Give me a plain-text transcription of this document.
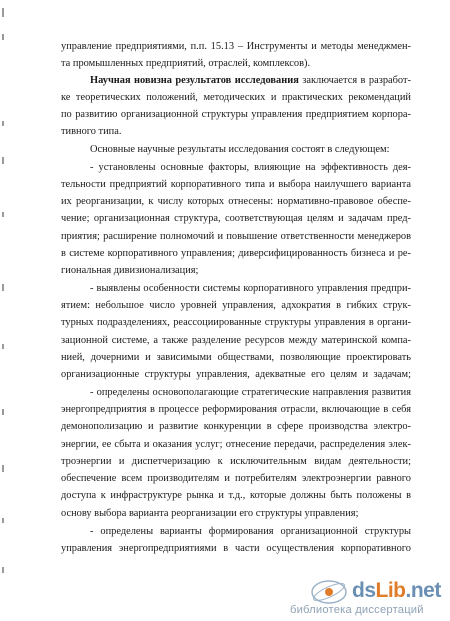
управление предприятиями, п.п. 15.13 – Инструменты и методы менеджмен-
та промышленных предприятий, отраслей, комплексов).
Научная новизна результатов исследования заключается в разработ-
ке теоретических положений, методических и практических рекомендаций
по развитию организационной структуры управления предприятием корпора-
тивного типа.
Основные научные результаты исследования состоят в следующем:
- установлены основные факторы, влияющие на эффективность дея-
тельности предприятий корпоративного типа и выбора наилучшего варианта
их реорганизации, к числу которых отнесены: нормативно-правовое обеспе-
чение; организационная структура, соответствующая целям и задачам пред-
приятия; расширение полномочий и повышение ответственности менеджеров
в системе корпоративного управления; диверсифицированность бизнеса и ре-
гиональная дивизионализация;
- выявлены особенности системы корпоративного управления предпри-
ятием: небольшое число уровней управления, адхократия в гибких струк-
турных подразделениях, реассоциированные структуры управления в органи-
зационной системе, а также разделение ресурсов между материнской компа-
нией, дочерними и зависимыми обществами, позволяющие проектировать
организационные структуры управления, адекватные его целям и задачам;
- определены основополагающие стратегические направления развития
энергопредприятия в процессе реформирования отрасли, включающие в себя
демонополизацию и развитие конкуренции в сфере производства электро-
энергии, ее сбыта и оказания услуг; отнесение передачи, распределения элек-
троэнергии и диспетчеризацию к исключительным видам деятельности;
обеспечение всем производителям и потребителям электроэнергии равного
доступа к инфраструктуре рынка и т.д., которые должны быть положены в
основу выбора варианта реорганизации его структуры управления;
- определены варианты формирования организационной структуры
управления энергопредприятиями в части осуществления корпоративного
dsLib.net
библиотека диссертаций
